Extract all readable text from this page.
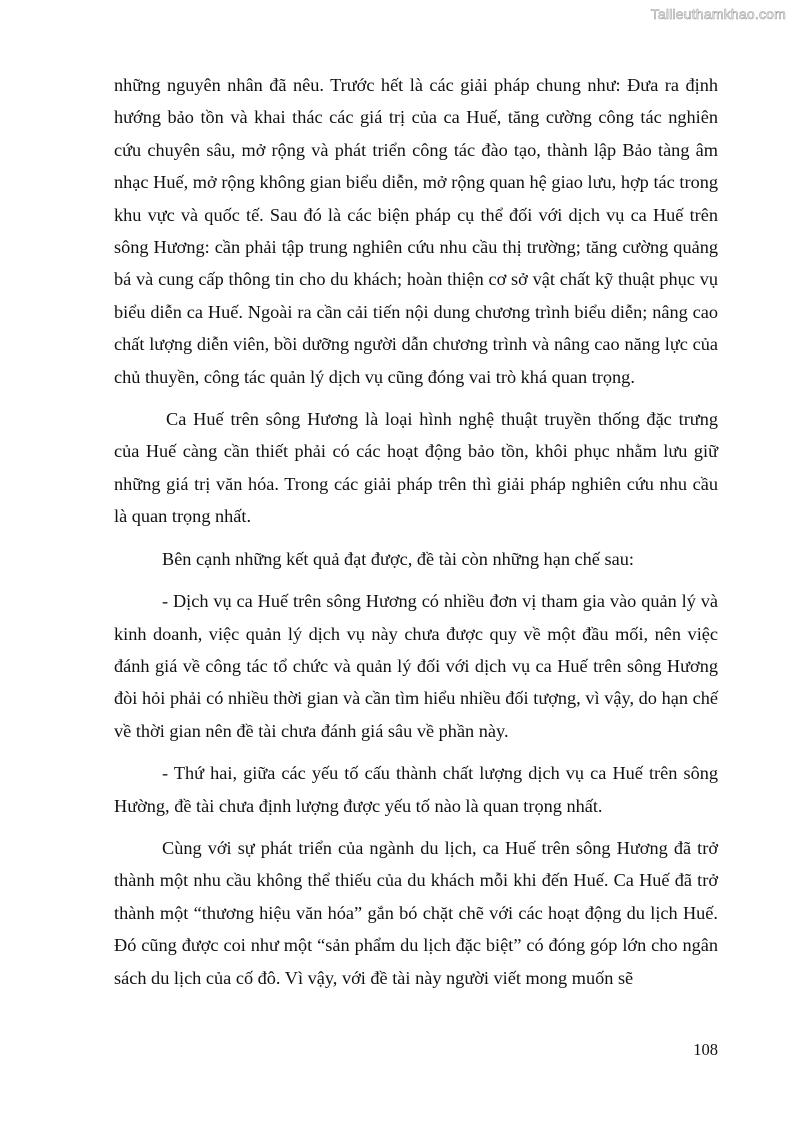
Tailieuthamkhao.com

những nguyên nhân đã nêu. Trước hết là các giải pháp chung như: Đưa ra định hướng bảo tồn và khai thác các giá trị của ca Huế, tăng cường công tác nghiên cứu chuyên sâu, mở rộng và phát triển công tác đào tạo, thành lập Bảo tàng âm nhạc Huế, mở rộng không gian biểu diễn, mở rộng quan hệ giao lưu, hợp tác trong khu vực và quốc tế. Sau đó là các biện pháp cụ thể đối với dịch vụ ca Huế trên sông Hương: cần phải tập trung nghiên cứu nhu cầu thị trường; tăng cường quảng bá và cung cấp thông tin cho du khách; hoàn thiện cơ sở vật chất kỹ thuật phục vụ biểu diễn ca Huế. Ngoài ra cần cải tiến nội dung chương trình biểu diễn; nâng cao chất lượng diễn viên, bồi dưỡng người dẫn chương trình và nâng cao năng lực của chủ thuyền, công tác quản lý dịch vụ cũng đóng vai trò khá quan trọng.

Ca Huế trên sông Hương là loại hình nghệ thuật truyền thống đặc trưng của Huế càng cần thiết phải có các hoạt động bảo tồn, khôi phục nhằm lưu giữ những giá trị văn hóa. Trong các giải pháp trên thì giải pháp nghiên cứu nhu cầu là quan trọng nhất.

Bên cạnh những kết quả đạt được, đề tài còn những hạn chế sau:

- Dịch vụ ca Huế trên sông Hương có nhiều đơn vị tham gia vào quản lý và kinh doanh, việc quản lý dịch vụ này chưa được quy về một đầu mối, nên việc đánh giá về công tác tổ chức và quản lý đối với dịch vụ ca Huế trên sông Hương đòi hỏi phải có nhiều thời gian và cần tìm hiểu nhiều đối tượng, vì vậy, do hạn chế về thời gian nên đề tài chưa đánh giá sâu về phần này.

- Thứ hai, giữa các yếu tố cấu thành chất lượng dịch vụ ca Huế trên sông Hường, đề tài chưa định lượng được yếu tố nào là quan trọng nhất.

Cùng với sự phát triển của ngành du lịch, ca Huế trên sông Hương đã trở thành một nhu cầu không thể thiếu của du khách mỗi khi đến Huế. Ca Huế đã trở thành một “thương hiệu văn hóa” gắn bó chặt chẽ với các hoạt động du lịch Huế. Đó cũng được coi như một “sản phẩm du lịch đặc biệt” có đóng góp lớn cho ngân sách du lịch của cố đô. Vì vậy, với đề tài này người viết mong muốn sẽ

108
